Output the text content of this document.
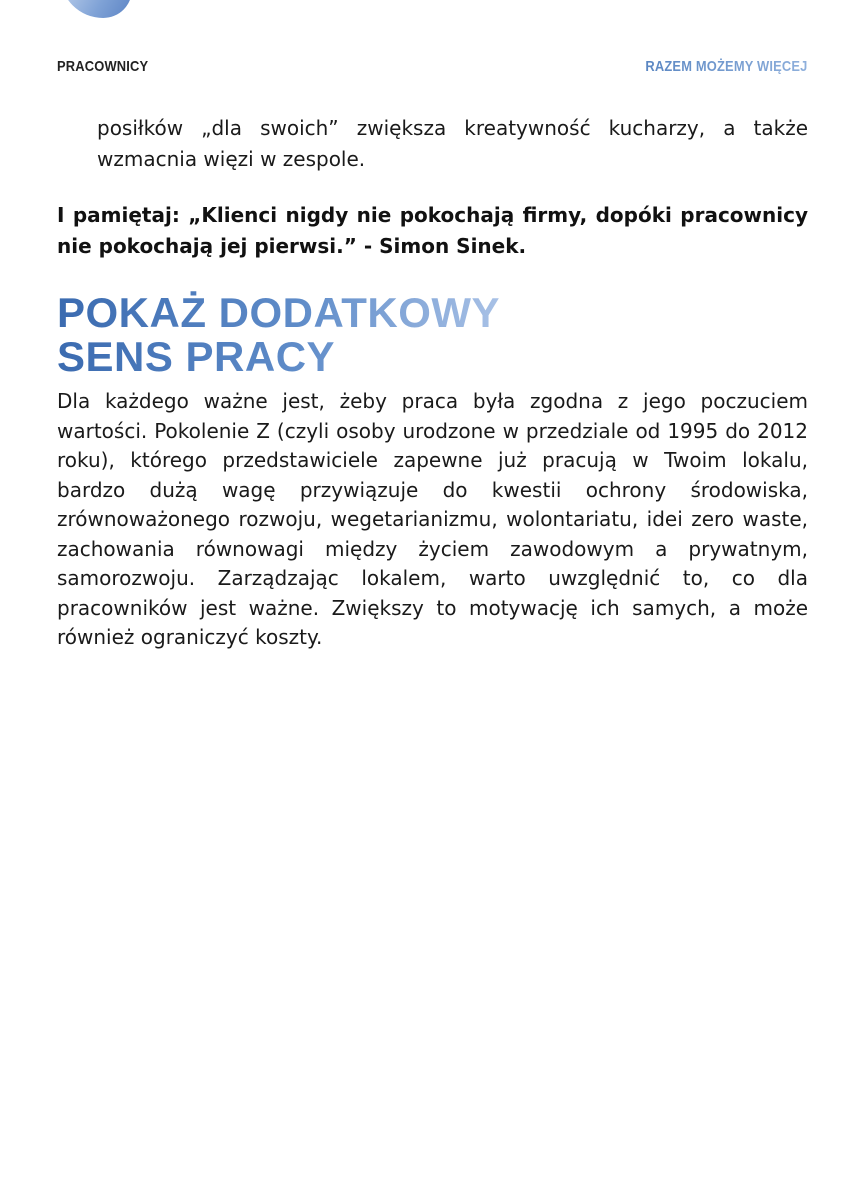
PRACOWNICY	RAZEM MOŻEMY WIĘCEJ

posiłków „dla swoich” zwiększa kreatywność kucharzy, a także wzmacnia więzi w zespole.

I pamiętaj: „Klienci nigdy nie pokochają firmy, dopóki pracownicy nie pokochają jej pierwsi.” - Simon Sinek.

POKAŻ DODATKOWY
SENS PRACY

Dla każdego ważne jest, żeby praca była zgodna z jego poczuciem wartości. Pokolenie Z (czyli osoby urodzone w przedziale od 1995 do 2012 roku), którego przedstawiciele zapewne już pracują w Twoim lokalu, bardzo dużą wagę przywiązuje do kwestii ochrony środowiska, zrównoważonego rozwoju, wegetarianizmu, wolontariatu, idei zero waste, zachowania równowagi między życiem zawodowym a prywatnym, samorozwoju. Zarządzając lokalem, warto uwzględnić to, co dla pracowników jest ważne. Zwiększy to motywację ich samych, a może również ograniczyć koszty.
